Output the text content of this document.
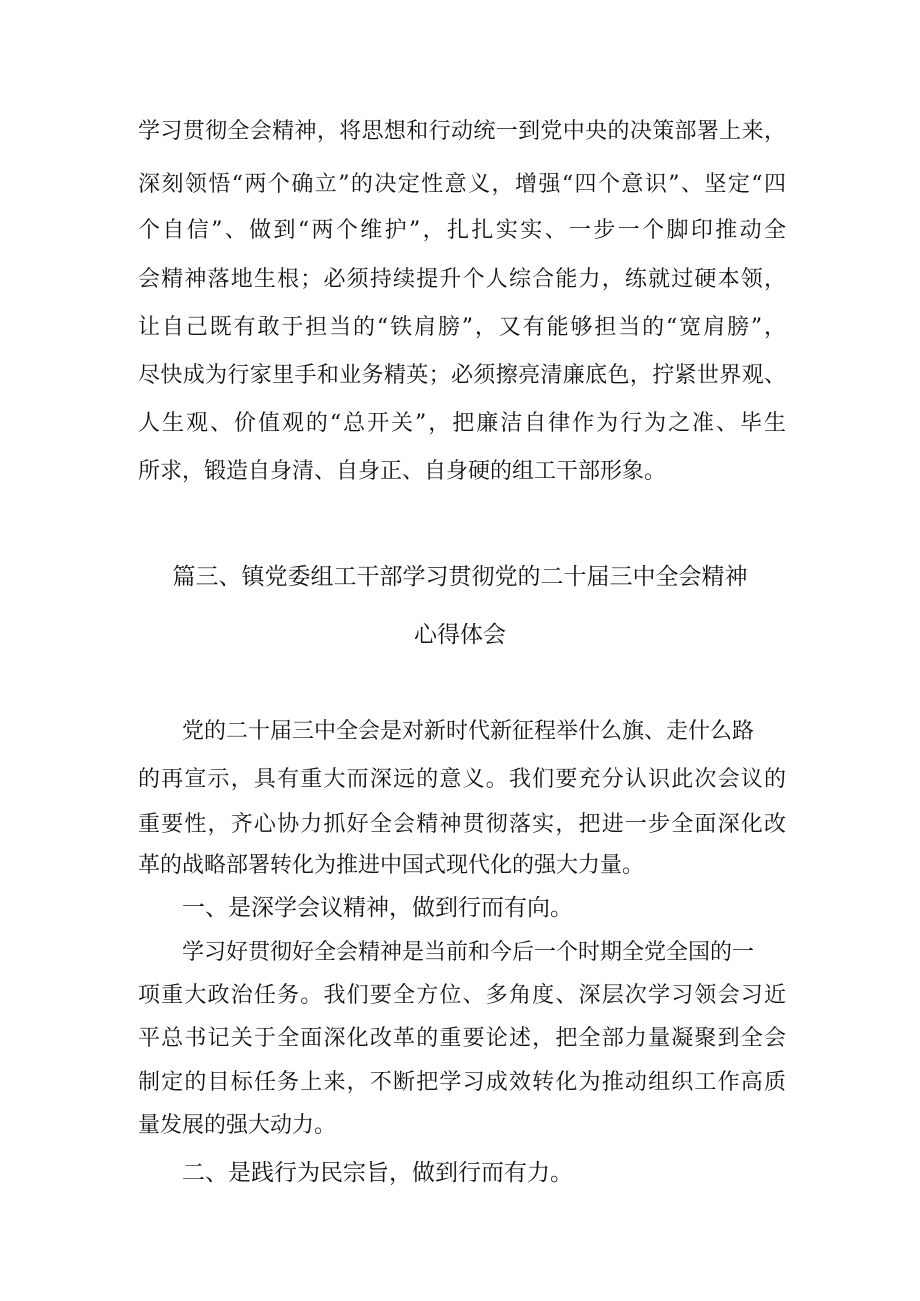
学习贯彻全会精神，将思想和行动统一到党中央的决策部署上来，
深刻领悟“两个确立”的决定性意义，增强“四个意识”、坚定“四
个自信”、做到“两个维护”，扎扎实实、一步一个脚印推动全
会精神落地生根；必须持续提升个人综合能力，练就过硬本领，
让自己既有敢于担当的“铁肩膀”，又有能够担当的“宽肩膀”，
尽快成为行家里手和业务精英；必须擦亮清廉底色，拧紧世界观、
人生观、价值观的“总开关”，把廉洁自律作为行为之准、毕生
所求，锻造自身清、自身正、自身硬的组工干部形象。
篇三、镇党委组工干部学习贯彻党的二十届三中全会精神
心得体会
党的二十届三中全会是对新时代新征程举什么旗、走什么路
的再宣示，具有重大而深远的意义。我们要充分认识此次会议的
重要性，齐心协力抓好全会精神贯彻落实，把进一步全面深化改
革的战略部署转化为推进中国式现代化的强大力量。
一、是深学会议精神，做到行而有向。
学习好贯彻好全会精神是当前和今后一个时期全党全国的一
项重大政治任务。我们要全方位、多角度、深层次学习领会习近
平总书记关于全面深化改革的重要论述，把全部力量凝聚到全会
制定的目标任务上来，不断把学习成效转化为推动组织工作高质
量发展的强大动力。
二、是践行为民宗旨，做到行而有力。
